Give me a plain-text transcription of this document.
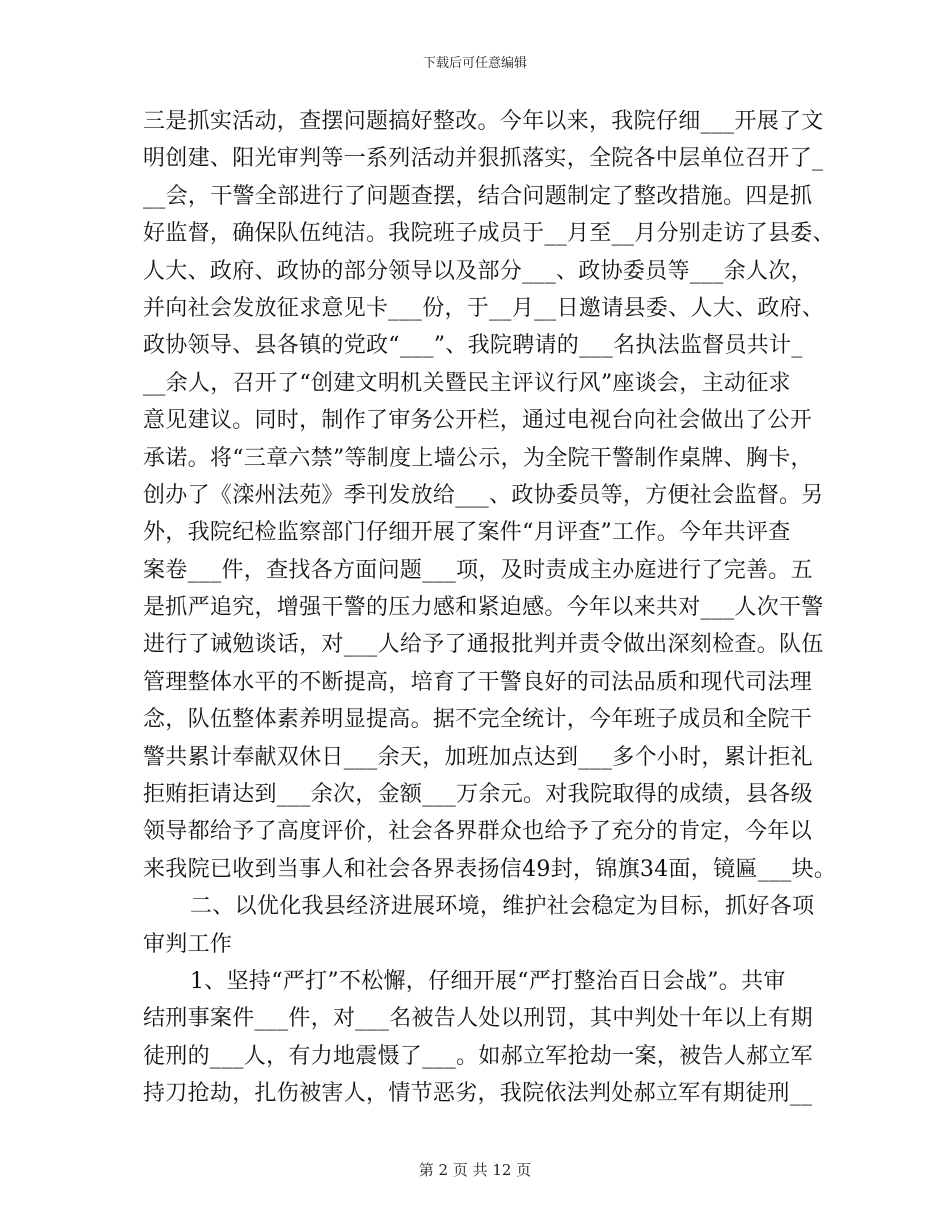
下载后可任意编辑
三是抓实活动，查摆问题搞好整改。今年以来，我院仔细___开展了文
明创建、阳光审判等一系列活动并狠抓落实，全院各中层单位召开了_
__会，干警全部进行了问题查摆，结合问题制定了整改措施。四是抓
好监督，确保队伍纯洁。我院班子成员于__月至__月分别走访了县委、
人大、政府、政协的部分领导以及部分___、政协委员等___余人次，
并向社会发放征求意见卡___份，于__月__日邀请县委、人大、政府、
政协领导、县各镇的党政“___”、我院聘请的___名执法监督员共计_
__余人，召开了“创建文明机关暨民主评议行风”座谈会，主动征求
意见建议。同时，制作了审务公开栏，通过电视台向社会做出了公开
承诺。将“三章六禁”等制度上墙公示，为全院干警制作桌牌、胸卡，
创办了《滦州法苑》季刊发放给___、政协委员等，方便社会监督。另
外，我院纪检监察部门仔细开展了案件“月评查”工作。今年共评查
案卷___件，查找各方面问题___项，及时责成主办庭进行了完善。五
是抓严追究，增强干警的压力感和紧迫感。今年以来共对___人次干警
进行了诫勉谈话，对___人给予了通报批判并责令做出深刻检查。队伍
管理整体水平的不断提高，培育了干警良好的司法品质和现代司法理
念，队伍整体素养明显提高。据不完全统计，今年班子成员和全院干
警共累计奉献双休日___余天，加班加点达到___多个小时，累计拒礼
拒贿拒请达到___余次，金额___万余元。对我院取得的成绩，县各级
领导都给予了高度评价，社会各界群众也给予了充分的肯定，今年以
来我院已收到当事人和社会各界表扬信49封，锦旗34面，镜匾___块。
二、以优化我县经济进展环境，维护社会稳定为目标，抓好各项
审判工作
1、坚持“严打”不松懈，仔细开展“严打整治百日会战”。共审
结刑事案件___件，对___名被告人处以刑罚，其中判处十年以上有期
徒刑的___人，有力地震慑了___。如郝立军抢劫一案，被告人郝立军
持刀抢劫，扎伤被害人，情节恶劣，我院依法判处郝立军有期徒刑__
第 2 页 共 12 页
